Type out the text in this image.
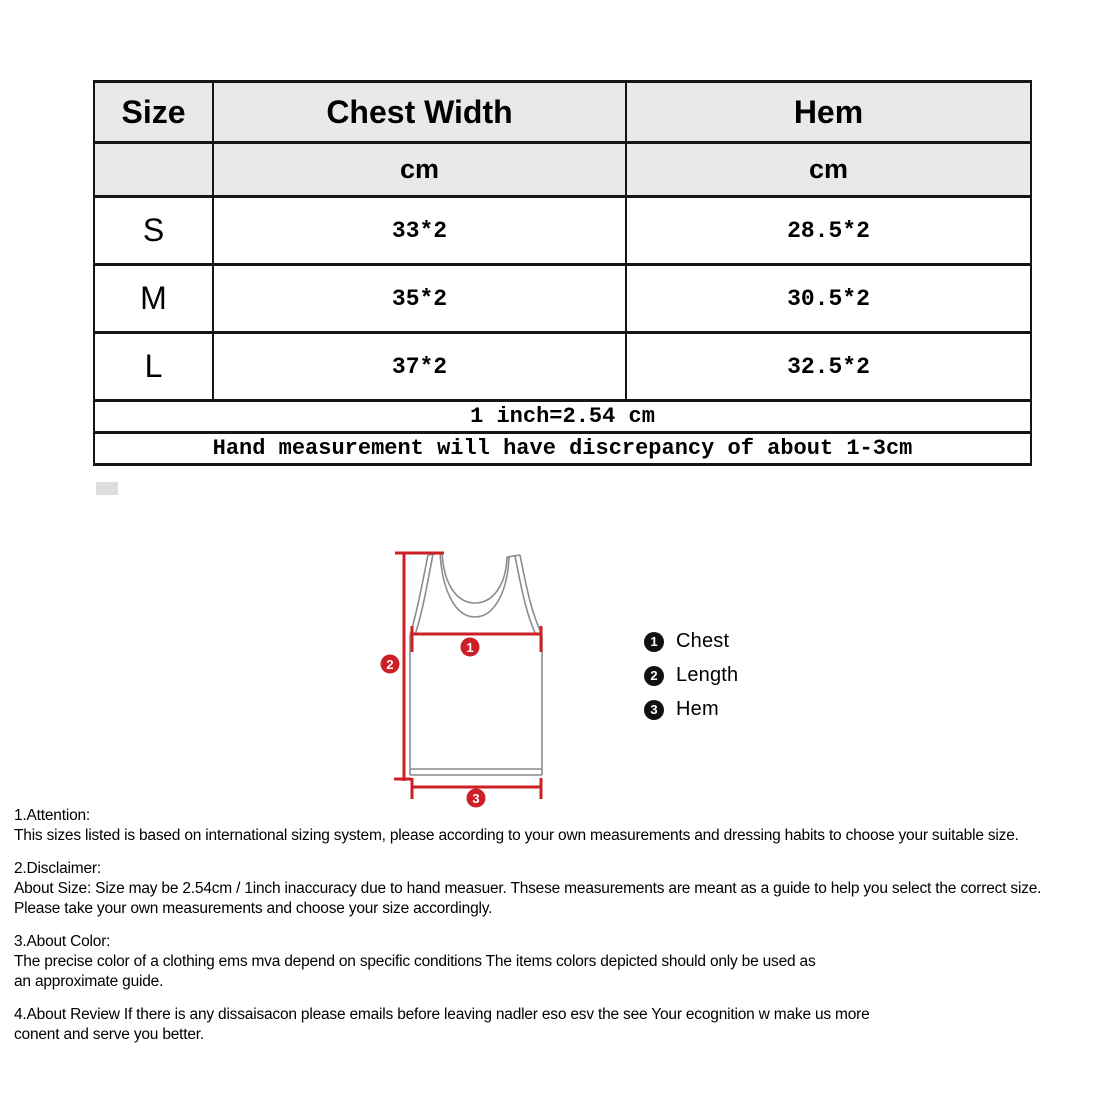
Size	Chest Width	Hem
	cm	cm
S	33*2	28.5*2
M	35*2	30.5*2
L	37*2	32.5*2
1 inch=2.54 cm		
Hand measurement will have discrepancy of about 1-3cm		
1
2
3
1 Chest
2 Length
3 Hem
1.Attention:
This sizes listed is based on international sizing system, please according to your own measurements and dressing habits to choose your suitable size.
2.Disclaimer:
About Size: Size may be 2.54cm / 1inch inaccuracy due to hand measuer. Thsese measurements are meant as a guide to help you select the correct size.
Please take your own measurements and choose your size accordingly.
3.About Color:
The precise color of a clothing ems mva depend on specific conditions The items colors depicted should only be used as
an approximate guide.
4.About Review If there is any dissaisacon please emails before leaving nadler eso esv the see Your ecognition w make us more
conent and serve you better.
